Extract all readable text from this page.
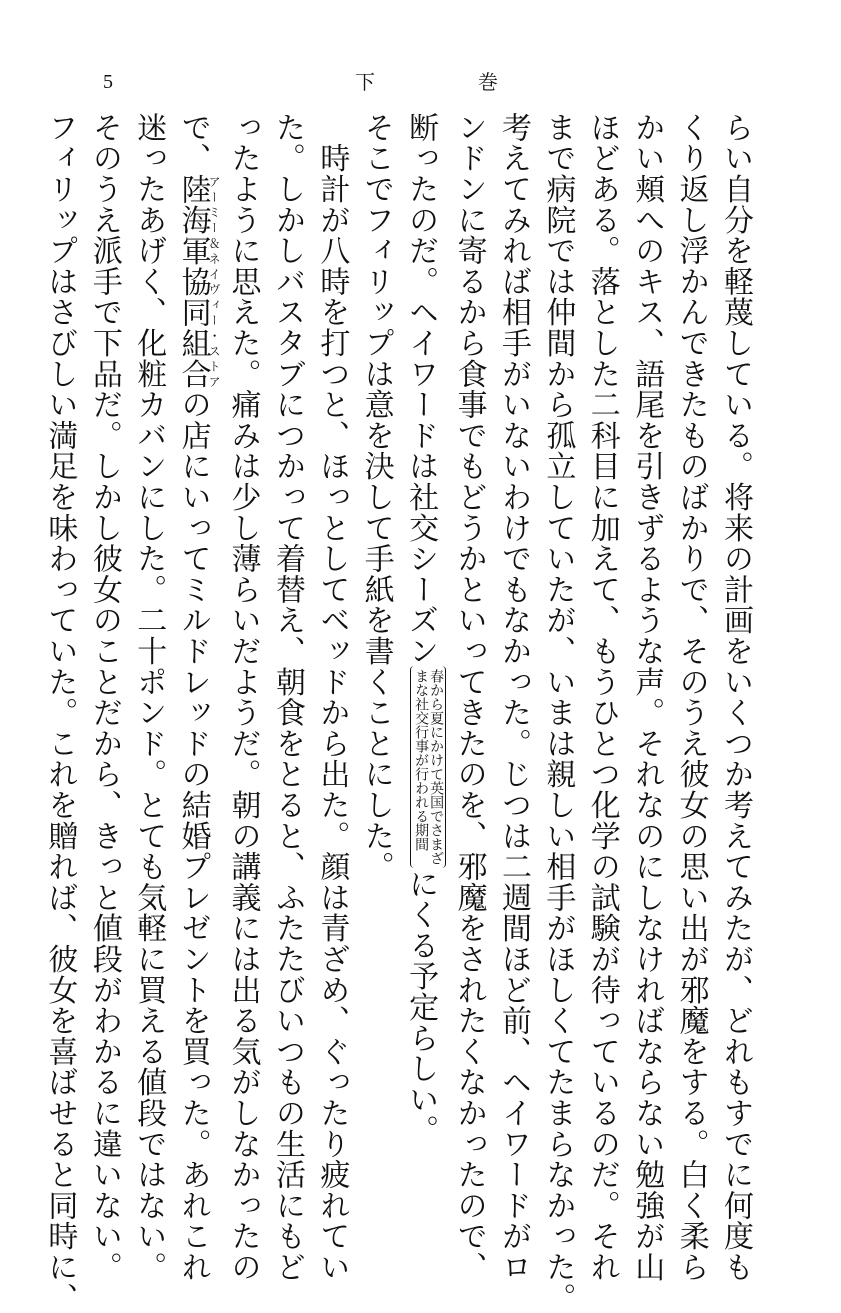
5	下	巻
らい自分を軽蔑している。将来の計画をいくつか考えてみたが、どれもすでに何度も
くり返し浮かんできたものばかりで、そのうえ彼女の思い出が邪魔をする。白く柔ら
かい頬へのキス、語尾を引きずるような声。それなのにしなければならない勉強が山
ほどある。落とした二科目に加えて、もうひとつ化学の試験が待っているのだ。それ
まで病院では仲間から孤立していたが、いまは親しい相手がほしくてたまらなかった。
考えてみれば相手がいないわけでもなかった。じつは二週間ほど前、ヘイワードがロ
ンドンに寄るから食事でもどうかといってきたのを、邪魔をされたくなかったので、
断ったのだ。ヘイワードは社交シーズン
春から夏にかけて英国でさまざ
まな社交行事が行われる期間
にくる予定らしい。
そこでフィリップは意を決して手紙を書くことにした。
　時計が八時を打つと、ほっとしてベッドから出た。顔は青ざめ、ぐったり疲れてい
た。しかしバスタブにつかって着替え、朝食をとると、ふたたびいつもの生活にもど
ったように思えた。痛みは少し薄らいだようだ。朝の講義には出る気がしなかったの
で、陸海軍協同組合アーミー＆ネイヴィー・ストアの店にいってミルドレッドの結婚プレゼントを買った。あれこれ
迷ったあげく、化粧カバンにした。二十ポンド。とても気軽に買える値段ではない。
そのうえ派手で下品だ。しかし彼女のことだから、きっと値段がわかるに違いない。
フィリップはさびしい満足を味わっていた。これを贈れば、彼女を喜ばせると同時に、
